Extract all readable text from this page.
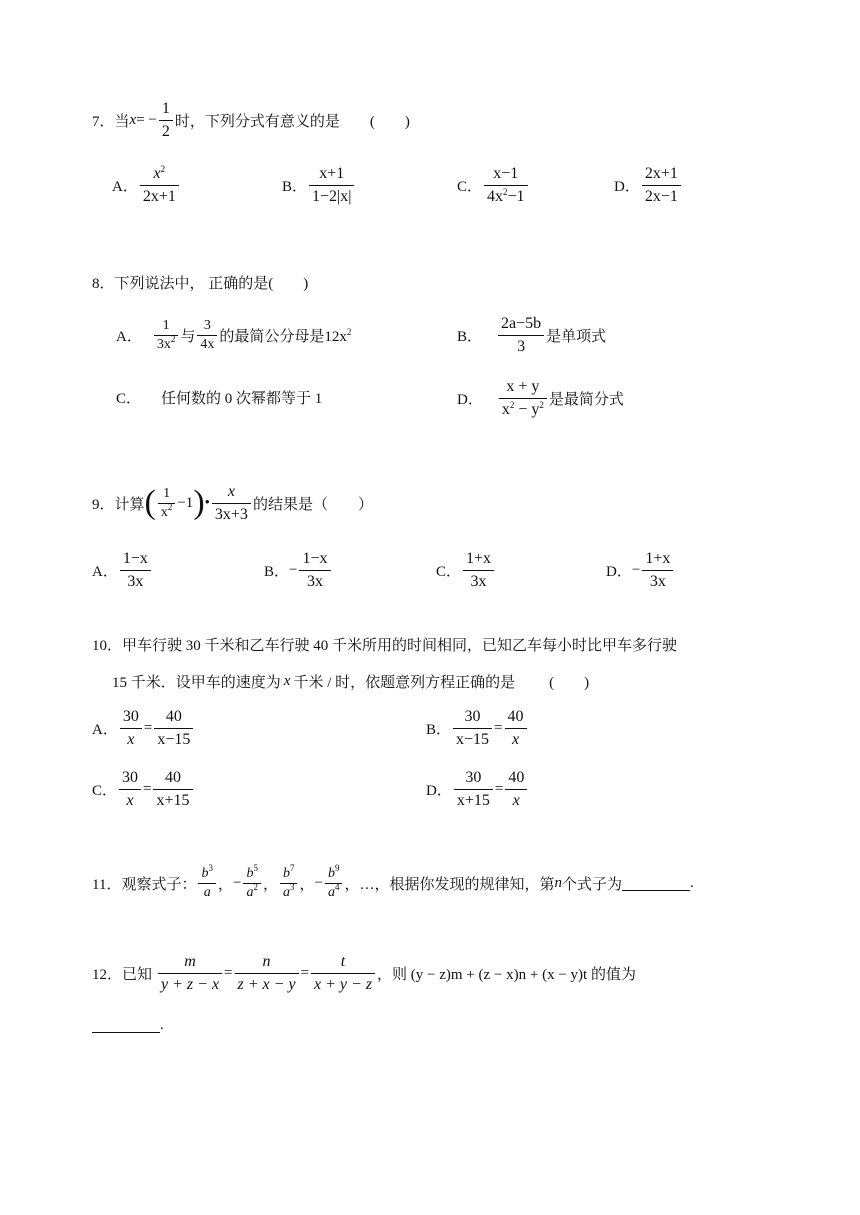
7．当 x = − $\frac{1}{2}$ 时，下列分式有意义的是 (　　)
A． $\frac{x^2}{2x+1}$	B． $\frac{x+1}{1-2|x|}$	C． $\frac{x-1}{4x^2-1}$	D． $\frac{2x+1}{2x-1}$
8．下列说法中， 正确的是 (　　)
A． $\frac{1}{3x^2}$ 与 $\frac{3}{4x}$ 的最简公分母是$12x^2$	B． $\frac{2a-5b}{3}$ 是单项式
C． 任何数的 0 次幂都等于 1	D． $\frac{x + y}{x^2 - y^2}$ 是最简分式
9．计算 ( $\frac{1}{x^2} -1$ ) • $\frac{x}{3x+3}$ 的结果是（　　）
A． $\frac{1-x}{3x}$	B． − $\frac{1-x}{3x}$	C． $\frac{1+x}{3x}$	D． − $\frac{1+x}{3x}$
10．甲车行驶 30 千米和乙车行驶 40 千米所用的时间相同，已知乙车每小时比甲车多行驶
15 千米．设甲车的速度为 x 千米 / 时，依题意列方程正确的是 (　　)
A． $\frac{30}{x} = \frac{40}{x-15}$	B． $\frac{30}{x-15} = \frac{40}{x}$
C． $\frac{30}{x} = \frac{40}{x+15}$	D． $\frac{30}{x+15} = \frac{40}{x}$
11．观察式子： $\frac{b^3}{a}$ ， − $\frac{b^5}{a^2}$ ， $\frac{b^7}{a^3}$ ， − $\frac{b^9}{a^4}$ ，…，根据你发现的规律知，第 n 个式子为	.
12．已知 $\frac{m}{y + z - x} = \frac{n}{z + x - y} = \frac{t}{x + y - z}$ ，则 (y − z)m + (z − x)n + (x − y)t 的值为
.
